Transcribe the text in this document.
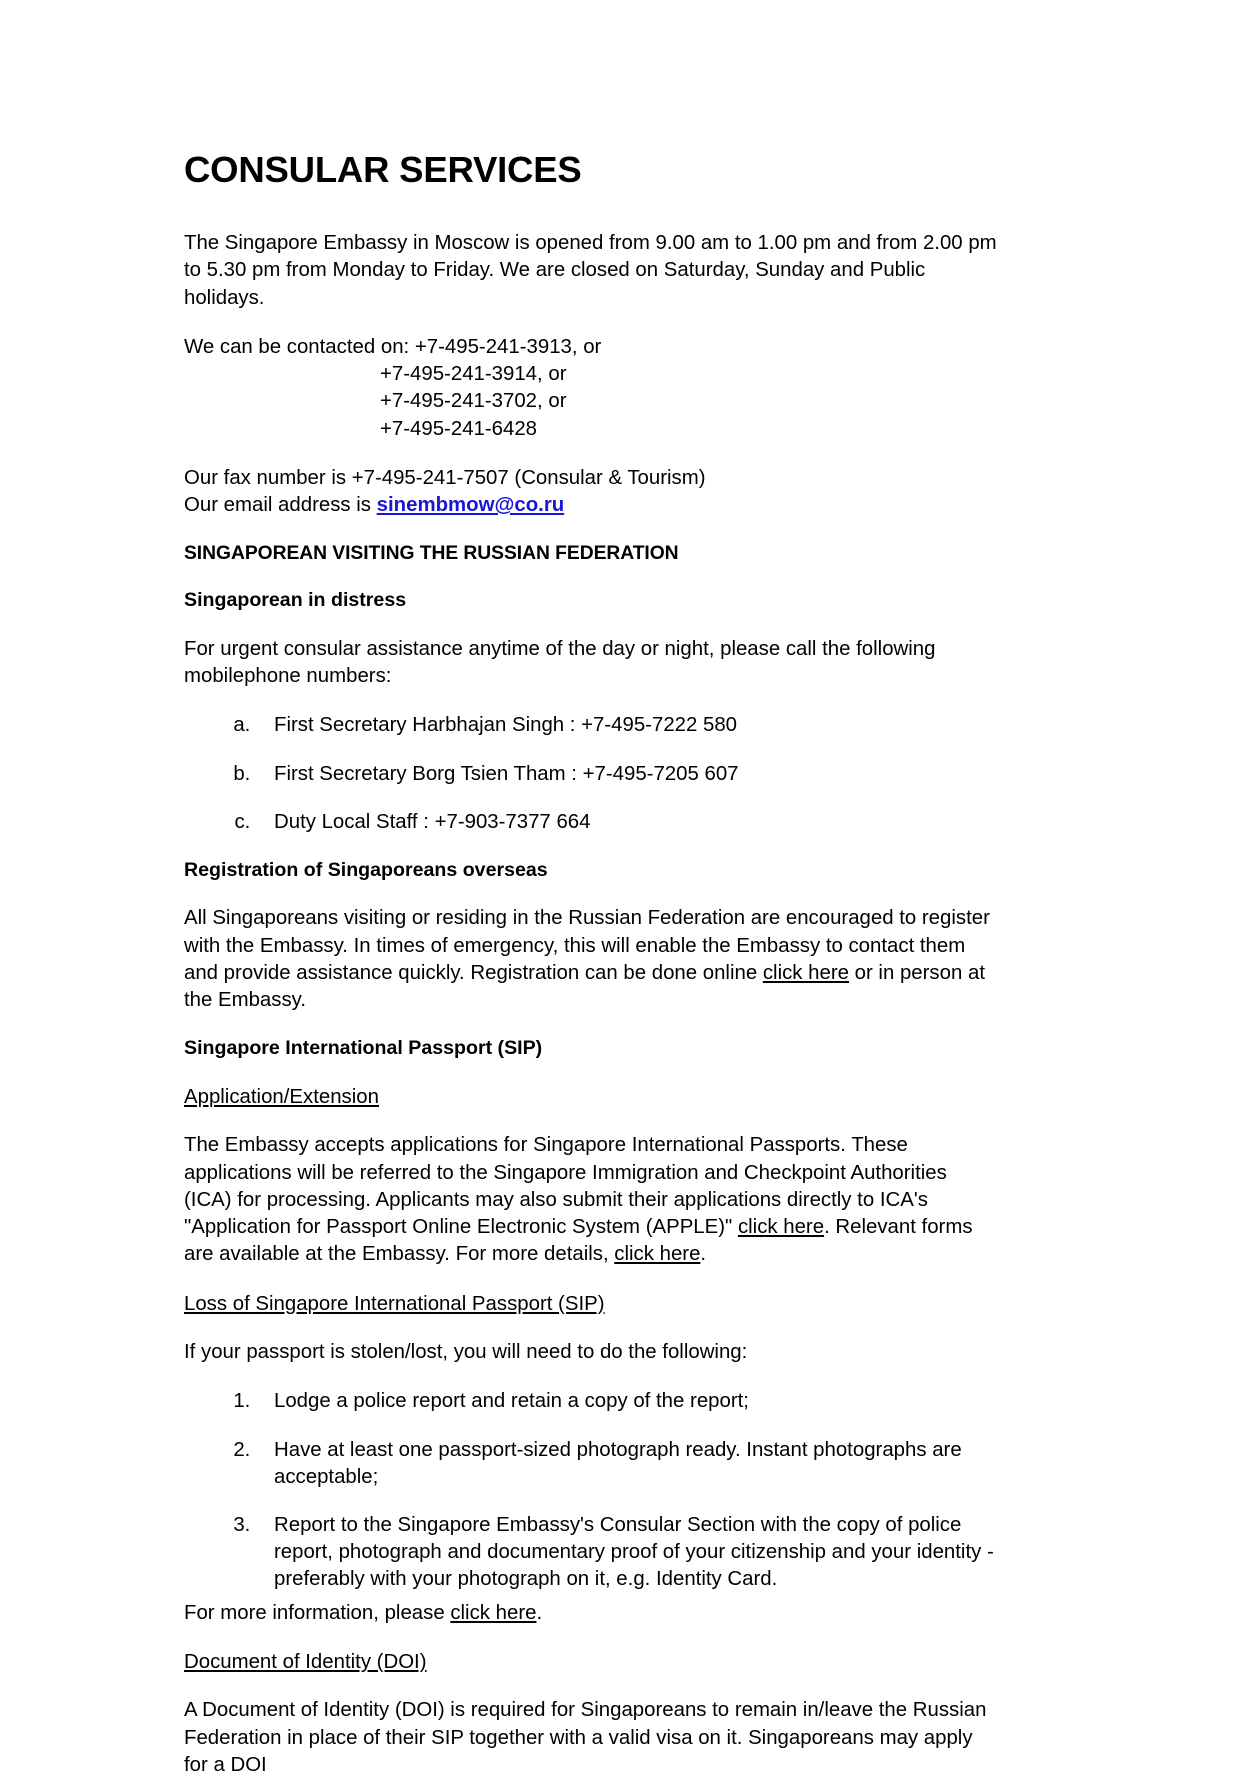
CONSULAR SERVICES

The Singapore Embassy in Moscow is opened from 9.00 am to 1.00 pm and from 2.00 pm to 5.30 pm from Monday to Friday. We are closed on Saturday, Sunday and Public holidays.

We can be contacted on: +7-495-241-3913, or

+7-495-241-3914, or
+7-495-241-3702, or
+7-495-241-6428

Our fax number is +7-495-241-7507 (Consular & Tourism)
Our email address is sinembmow@co.ru

SINGAPOREAN VISITING THE RUSSIAN FEDERATION
Singaporean in distress

For urgent consular assistance anytime of the day or night, please call the following mobilephone numbers:

a. First Secretary Harbhajan Singh : +7-495-7222 580
b. First Secretary Borg Tsien Tham : +7-495-7205 607
c. Duty Local Staff : +7-903-7377 664
Registration of Singaporeans overseas

All Singaporeans visiting or residing in the Russian Federation are encouraged to register with the Embassy. In times of emergency, this will enable the Embassy to contact them and provide assistance quickly. Registration can be done online click here or in person at the Embassy.

Singapore International Passport (SIP)
Application/Extension

The Embassy accepts applications for Singapore International Passports. These applications will be referred to the Singapore Immigration and Checkpoint Authorities (ICA) for processing. Applicants may also submit their applications directly to ICA's "Application for Passport Online Electronic System (APPLE)" click here. Relevant forms are available at the Embassy. For more details, click here.

Loss of Singapore International Passport (SIP)

If your passport is stolen/lost, you will need to do the following:

1. Lodge a police report and retain a copy of the report;
2. Have at least one passport-sized photograph ready. Instant photographs are acceptable;
3. Report to the Singapore Embassy's Consular Section with the copy of police report, photograph and documentary proof of your citizenship and your identity - preferably with your photograph on it, e.g. Identity Card.

For more information, please click here.

Document of Identity (DOI)

A Document of Identity (DOI) is required for Singaporeans to remain in/leave the Russian Federation in place of their SIP together with a valid visa on it. Singaporeans may apply for a DOI
